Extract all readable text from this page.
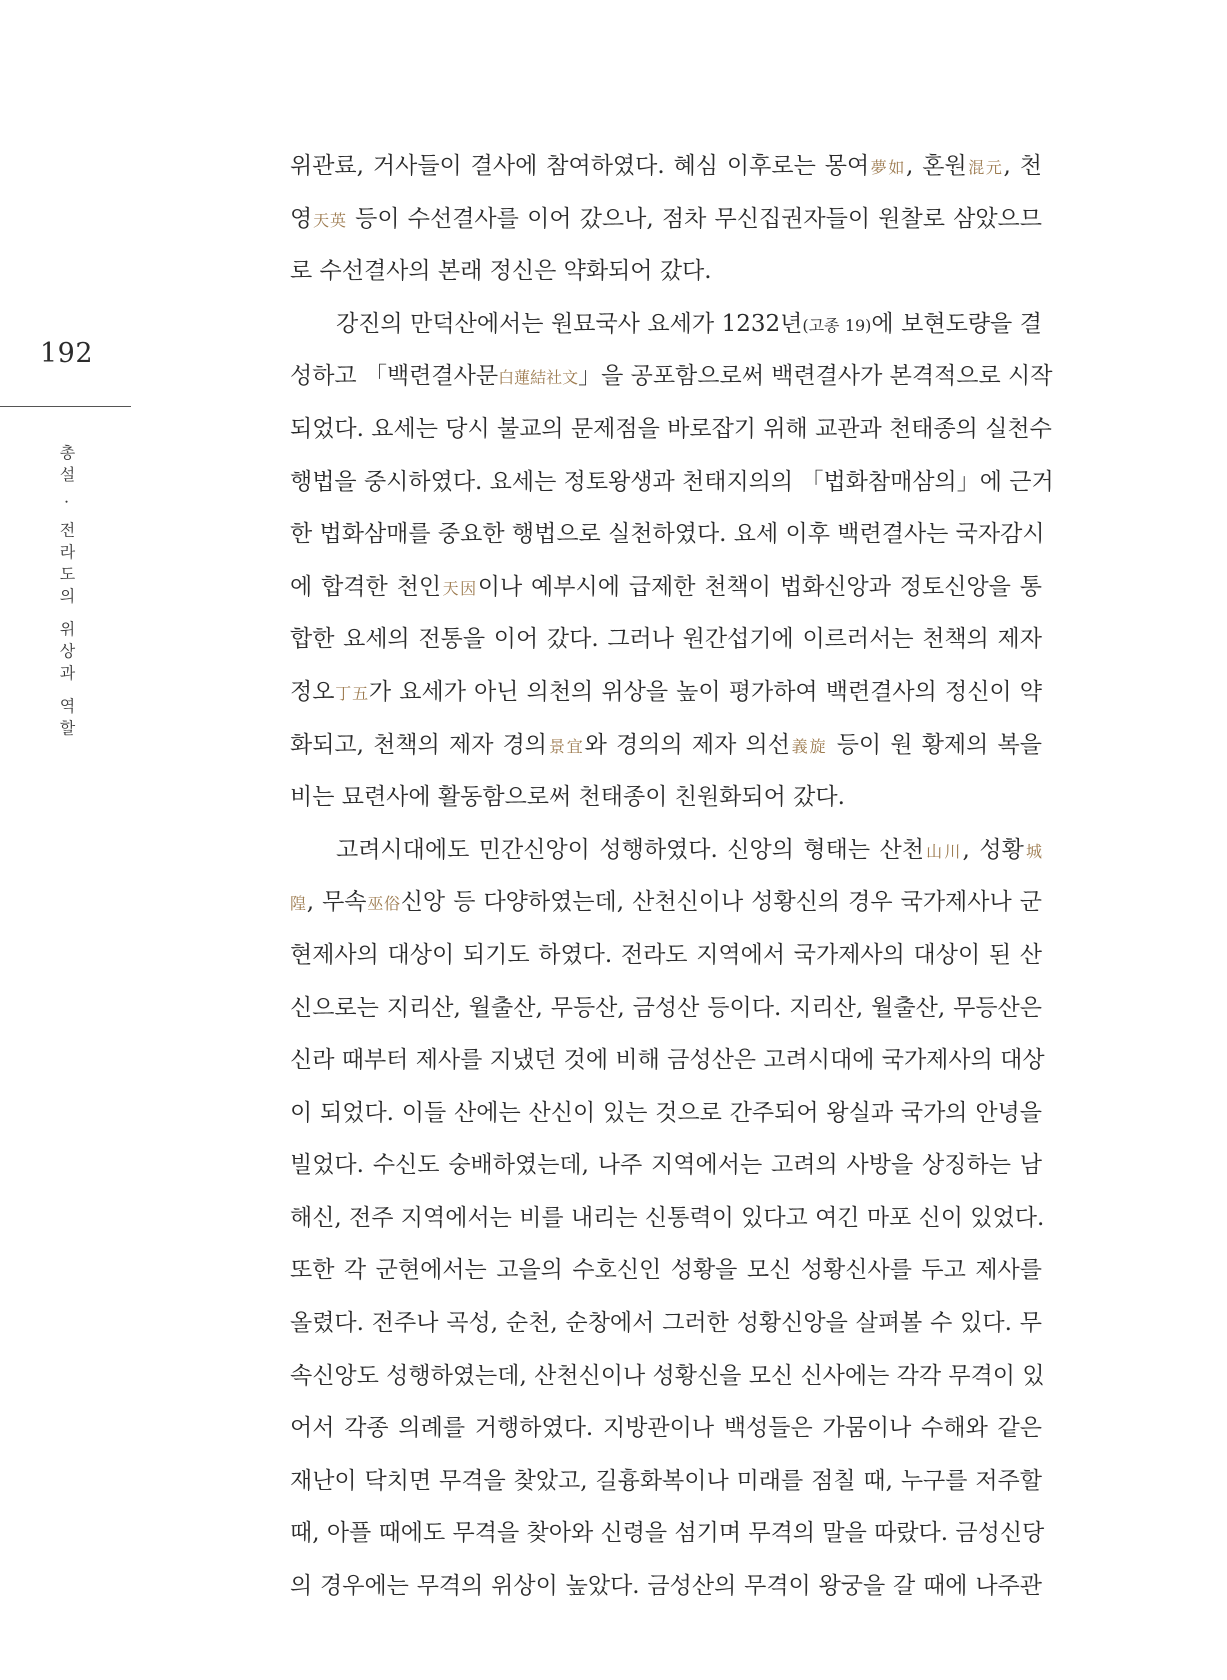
192
총설 · 전라도의 위상과 역할
위관료, 거사들이 결사에 참여하였다. 혜심 이후로는 몽여夢如, 혼원混元, 천
영天英 등이 수선결사를 이어 갔으나, 점차 무신집권자들이 원찰로 삼았으므
로 수선결사의 본래 정신은 약화되어 갔다.
강진의 만덕산에서는 원묘국사 요세가 1232년(고종 19)에 보현도량을 결
성하고 「백련결사문白蓮結社文」을 공포함으로써 백련결사가 본격적으로 시작
되었다. 요세는 당시 불교의 문제점을 바로잡기 위해 교관과 천태종의 실천수
행법을 중시하였다. 요세는 정토왕생과 천태지의의 「법화참매삼의」에 근거
한 법화삼매를 중요한 행법으로 실천하였다. 요세 이후 백련결사는 국자감시
에 합격한 천인天因이나 예부시에 급제한 천책이 법화신앙과 정토신앙을 통
합한 요세의 전통을 이어 갔다. 그러나 원간섭기에 이르러서는 천책의 제자
정오丁五가 요세가 아닌 의천의 위상을 높이 평가하여 백련결사의 정신이 약
화되고, 천책의 제자 경의景宜와 경의의 제자 의선義旋 등이 원 황제의 복을
비는 묘련사에 활동함으로써 천태종이 친원화되어 갔다.
고려시대에도 민간신앙이 성행하였다. 신앙의 형태는 산천山川, 성황城
隍, 무속巫俗신앙 등 다양하였는데, 산천신이나 성황신의 경우 국가제사나 군
현제사의 대상이 되기도 하였다. 전라도 지역에서 국가제사의 대상이 된 산
신으로는 지리산, 월출산, 무등산, 금성산 등이다. 지리산, 월출산, 무등산은
신라 때부터 제사를 지냈던 것에 비해 금성산은 고려시대에 국가제사의 대상
이 되었다. 이들 산에는 산신이 있는 것으로 간주되어 왕실과 국가의 안녕을
빌었다. 수신도 숭배하였는데, 나주 지역에서는 고려의 사방을 상징하는 남
해신, 전주 지역에서는 비를 내리는 신통력이 있다고 여긴 마포 신이 있었다.
또한 각 군현에서는 고을의 수호신인 성황을 모신 성황신사를 두고 제사를
올렸다. 전주나 곡성, 순천, 순창에서 그러한 성황신앙을 살펴볼 수 있다. 무
속신앙도 성행하였는데, 산천신이나 성황신을 모신 신사에는 각각 무격이 있
어서 각종 의례를 거행하였다. 지방관이나 백성들은 가뭄이나 수해와 같은
재난이 닥치면 무격을 찾았고, 길흉화복이나 미래를 점칠 때, 누구를 저주할
때, 아플 때에도 무격을 찾아와 신령을 섬기며 무격의 말을 따랐다. 금성신당
의 경우에는 무격의 위상이 높았다. 금성산의 무격이 왕궁을 갈 때에 나주관
